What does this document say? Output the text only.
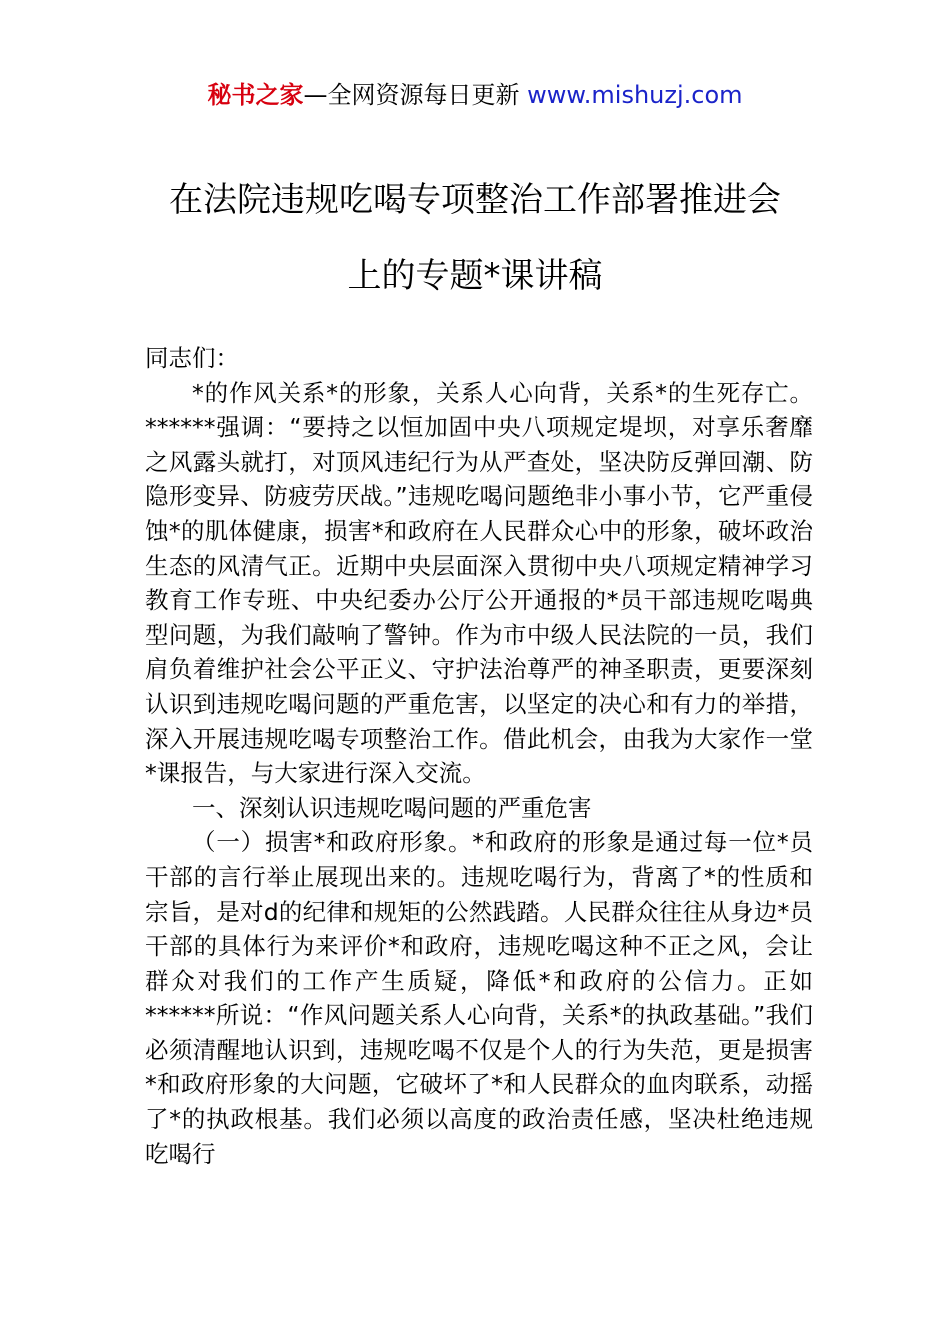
秘书之家—全网资源每日更新 www.mishuzj.com
在法院违规吃喝专项整治工作部署推进会
上的专题*课讲稿

同志们：

*的作风关系*的形象，关系人心向背，关系*的生死存亡。******强调：“要持之以恒加固中央八项规定堤坝，对享乐奢靡之风露头就打，对顶风违纪行为从严查处，坚决防反弹回潮、防隐形变异、防疲劳厌战。”违规吃喝问题绝非小事小节，它严重侵蚀*的肌体健康，损害*和政府在人民群众心中的形象，破坏政治生态的风清气正。近期中央层面深入贯彻中央八项规定精神学习教育工作专班、中央纪委办公厅公开通报的*员干部违规吃喝典型问题，为我们敲响了警钟。作为市中级人民法院的一员，我们肩负着维护社会公平正义、守护法治尊严的神圣职责，更要深刻认识到违规吃喝问题的严重危害，以坚定的决心和有力的举措，深入开展违规吃喝专项整治工作。借此机会，由我为大家作一堂*课报告，与大家进行深入交流。

一、深刻认识违规吃喝问题的严重危害

（一）损害*和政府形象。*和政府的形象是通过每一位*员干部的言行举止展现出来的。违规吃喝行为，背离了*的性质和宗旨，是对d的纪律和规矩的公然践踏。人民群众往往从身边*员干部的具体行为来评价*和政府，违规吃喝这种不正之风，会让群众对我们的工作产生质疑，降低*和政府的公信力。正如******所说：“作风问题关系人心向背，关系*的执政基础。”我们必须清醒地认识到，违规吃喝不仅是个人的行为失范，更是损害*和政府形象的大问题，它破坏了*和人民群众的血肉联系，动摇了*的执政根基。我们必须以高度的政治责任感，坚决杜绝违规吃喝行
